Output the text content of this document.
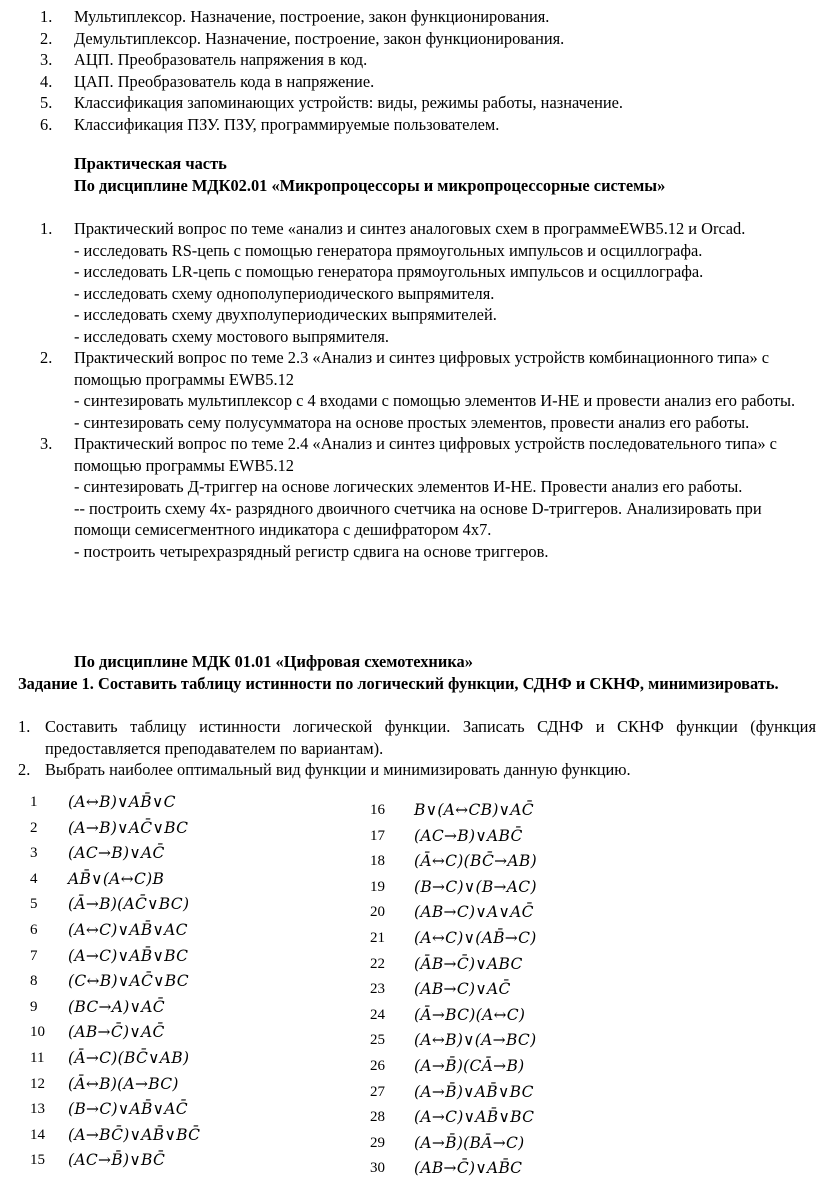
1. Мультиплексор. Назначение, построение, закон функционирования.
2. Демультиплексор. Назначение, построение, закон функционирования.
3. АЦП. Преобразователь напряжения в код.
4. ЦАП. Преобразователь кода в напряжение.
5. Классификация запоминающих устройств: виды, режимы работы, назначение.
6. Классификация ПЗУ. ПЗУ, программируемые пользователем.
Практическая часть
По дисциплине МДК02.01 «Микропроцессоры и микропроцессорные системы»
1. Практический вопрос по теме «анализ и синтез аналоговых схем в программеEWB5.12 и Orcad.
- исследовать RS-цепь с помощью генератора прямоугольных импульсов и осциллографа.
- исследовать LR-цепь с помощью генератора прямоугольных импульсов и осциллографа.
- исследовать схему однополупериодического выпрямителя.
- исследовать схему двухполупериодических выпрямителей.
- исследовать схему мостового выпрямителя.
2. Практический вопрос по теме 2.3 «Анализ и синтез цифровых устройств комбинационного типа» с помощью программы EWB5.12
- синтезировать мультиплексор с 4 входами с помощью элементов И-НЕ и провести анализ его работы.
- синтезировать сему полусумматора на основе простых элементов, провести анализ его работы.
3. Практический вопрос по теме 2.4 «Анализ и синтез цифровых устройств последовательного типа» с помощью программы EWB5.12
- синтезировать Д-триггер на основе логических элементов И-НЕ. Провести анализ его работы.
-- построить схему 4х- разрядного двоичного счетчика на основе D-триггеров. Анализировать при помощи семисегментного индикатора с дешифратором 4х7.
- построить четырехразрядный регистр сдвига на основе триггеров.
По дисциплине МДК 01.01 «Цифровая схемотехника»
Задание 1. Составить таблицу истинности по логический функции, СДНФ и СКНФ, минимизировать.
1. Составить таблицу истинности логической функции. Записать СДНФ и СКНФ функции (функция предоставляется преподавателем по вариантам).
2. Выбрать наиболее оптимальный вид функции и минимизировать данную функцию.
1	(A↔B)∨AB̄∨C
2	(A→B)∨AC̄∨BC
3	(AC→B)∨AC̄
4	AB̄∨(A↔C)B
5	(Ā→B)(AC̄∨BC)
6	(A↔C)∨AB̄∨AC
7	(A→C)∨AB̄∨BC
8	(C↔B)∨AC̄∨BC
9	(BC→A)∨AC̄
10	(AB→C̄)∨AC̄
11	(Ā→C)(BC̄∨AB)
12	(Ā↔B)(A→BC)
13	(B→C)∨AB̄∨AC̄
14	(A→BC̄)∨AB̄∨BC̄
15	(AC→B̄)∨BC̄
16	B∨(A↔CB)∨AC̄
17	(AC→B)∨ABC̄
18	(Ā↔C)(BC̄→AB)
19	(B→C)∨(B→AC)
20	(AB→C)∨A∨AC̄
21	(A↔C)∨(AB̄→C)
22	(ĀB→C̄)∨ABC
23	(AB→C)∨AC̄
24	(Ā→BC)(A↔C)
25	(A↔B)∨(A→BC)
26	(A→B̄)(CĀ→B)
27	(A→B̄)∨AB̄∨BC
28	(A→C)∨AB̄∨BC
29	(A→B̄)(BĀ→C)
30	(AB→C̄)∨AB̄C
